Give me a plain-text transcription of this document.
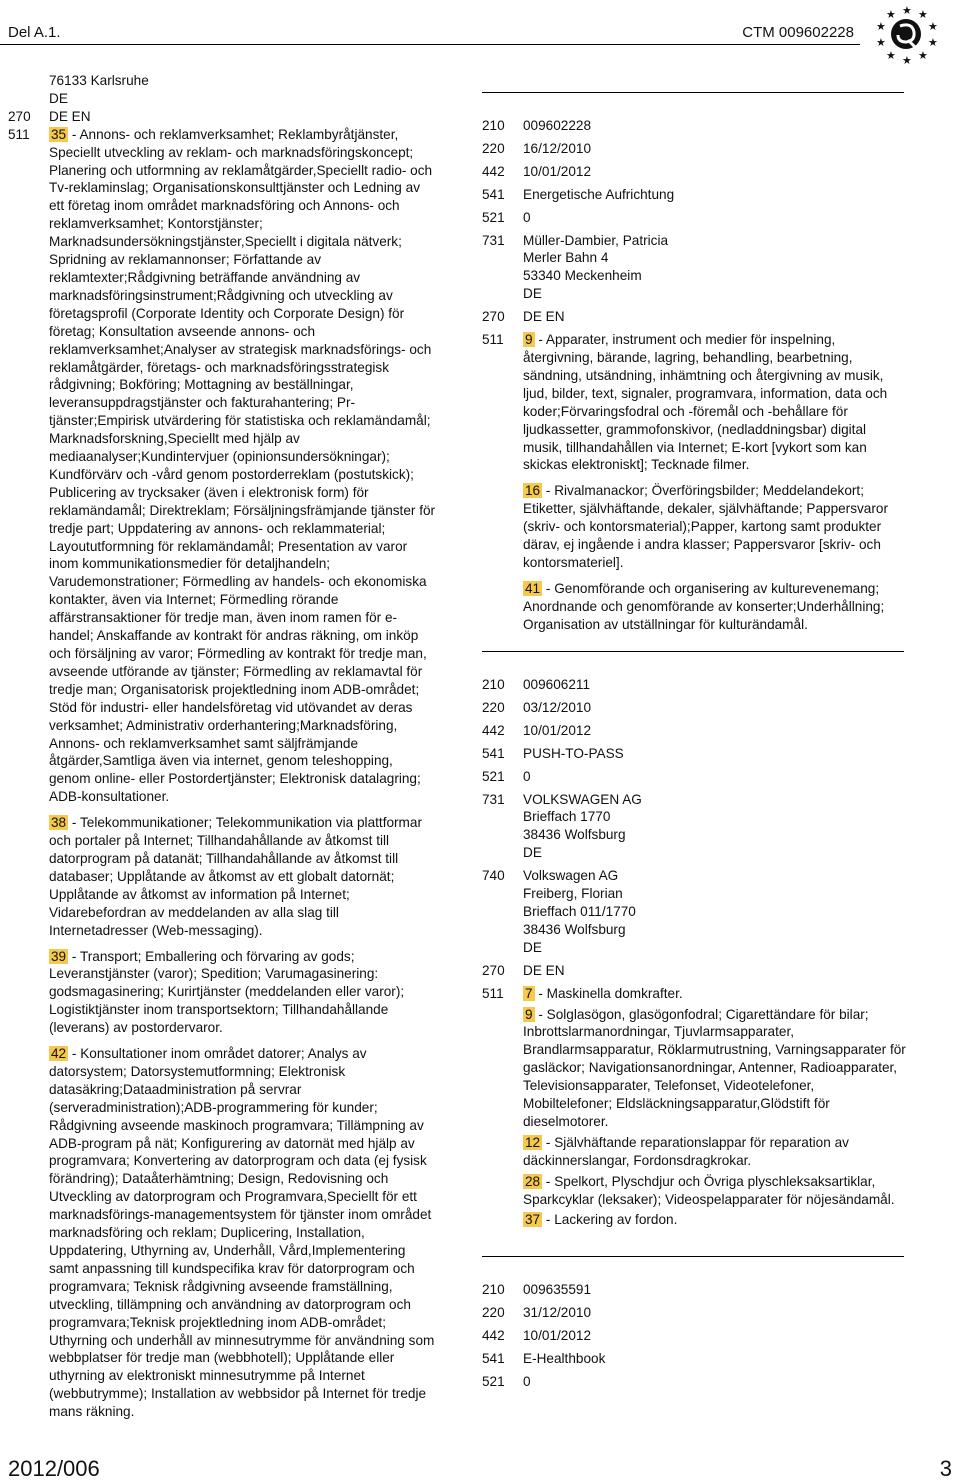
Del A.1.	CTM 009602228
★ ★
★
★
★
★
★
★
★
★
76133 Karlsruhe
DE
270	DE EN
511	35 - Annons- och reklamverksamhet; Reklambyråtjänster, Speciellt utveckling av reklam- och marknadsföringskoncept; Planering och utformning av reklamåtgärder,Speciellt radio- och Tv-reklaminslag; Organisationskonsulttjänster och Ledning av ett företag inom området marknadsföring och Annons- och reklamverksamhet; Kontorstjänster; Marknadsundersökningstjänster,Speciellt i digitala nätverk; Spridning av reklamannonser; Författande av reklamtexter;Rådgivning beträffande användning av marknadsföringsinstrument;Rådgivning och utveckling av företagsprofil (Corporate Identity och Corporate Design) för företag; Konsultation avseende annons- och reklamverksamhet;Analyser av strategisk marknadsförings- och reklamåtgärder, företags- och marknadsföringsstrategisk rådgivning; Bokföring; Mottagning av beställningar, leveransuppdragstjänster och fakturahantering; Pr-tjänster;Empirisk utvärdering för statistiska och reklamändamål; Marknadsforskning,Speciellt med hjälp av mediaanalyser;Kundintervjuer (opinionsundersökningar); Kundförvärv och -vård genom postorderreklam (postutskick); Publicering av trycksaker (även i elektronisk form) för reklamändamål; Direktreklam; Försäljningsfrämjande tjänster för tredje part; Uppdatering av annons- och reklammaterial; Layoututformning för reklamändamål; Presentation av varor inom kommunikationsmedier för detaljhandeln; Varudemonstrationer; Förmedling av handels- och ekonomiska kontakter, även via Internet; Förmedling rörande affärstransaktioner för tredje man, även inom ramen för e-handel; Anskaffande av kontrakt för andras räkning, om inköp och försäljning av varor; Förmedling av kontrakt för tredje man, avseende utförande av tjänster; Förmedling av reklamavtal för tredje man; Organisatorisk projektledning inom ADB-området; Stöd för industri- eller handelsföretag vid utövandet av deras verksamhet; Administrativ orderhantering;Marknadsföring, Annons- och reklamverksamhet samt säljfrämjande åtgärder,Samtliga även via internet, genom teleshopping, genom online- eller Postordertjänster; Elektronisk datalagring; ADB-konsultationer.

38 - Telekommunikationer; Telekommunikation via plattformar och portaler på Internet; Tillhandahållande av åtkomst till datorprogram på datanät; Tillhandahållande av åtkomst till databaser; Upplåtande av åtkomst av ett globalt datornät; Upplåtande av åtkomst av information på Internet; Vidarebefordran av meddelanden av alla slag till Internetadresser (Web-messaging).

39 - Transport; Emballering och förvaring av gods; Leveranstjänster (varor); Spedition; Varumagasinering: godsmagasinering; Kurirtjänster (meddelanden eller varor); Logistiktjänster inom transportsektorn; Tillhandahållande (leverans) av postordervaror.

42 - Konsultationer inom området datorer; Analys av datorsystem; Datorsystemutformning; Elektronisk datasäkring;Dataadministration på servrar (serveradministration);ADB-programmering för kunder; Rådgivning avseende maskinoch programvara; Tillämpning av ADB-program på nät; Konfigurering av datornät med hjälp av programvara; Konvertering av datorprogram och data (ej fysisk förändring); Dataåterhämtning; Design, Redovisning och Utveckling av datorprogram och Programvara,Speciellt för ett marknadsförings-managementsystem för tjänster inom området marknadsföring och reklam; Duplicering, Installation, Uppdatering, Uthyrning av, Underhåll, Vård,Implementering samt anpassning till kundspecifika krav för datorprogram och programvara; Teknisk rådgivning avseende framställning, utveckling, tillämpning och användning av datorprogram och programvara;Teknisk projektledning inom ADB-området; Uthyrning och underhåll av minnesutrymme för användning som webbplatser för tredje man (webbhotell); Upplåtande eller uthyrning av elektroniskt minnesutrymme på Internet (webbutrymme); Installation av webbsidor på Internet för tredje mans räkning.

210	009602228
220	16/12/2010
442	10/01/2012
541	Energetische Aufrichtung
521	0
731	Müller-Dambier, Patricia
Merler Bahn 4
53340 Meckenheim
DE
270	DE EN
511	9 - Apparater, instrument och medier för inspelning, återgivning, bärande, lagring, behandling, bearbetning, sändning, utsändning, inhämtning och återgivning av musik, ljud, bilder, text, signaler, programvara, information, data och koder;Förvaringsfodral och -föremål och -behållare för ljudkassetter, grammofonskivor, (nedladdningsbar) digital musik, tillhandahållen via Internet; E-kort [vykort som kan skickas elektroniskt]; Tecknade filmer.

16 - Rivalmanackor; Överföringsbilder; Meddelandekort; Etiketter, självhäftande, dekaler, självhäftande; Pappersvaror (skriv- och kontorsmaterial);Papper, kartong samt produkter därav, ej ingående i andra klasser; Pappersvaror [skriv- och kontorsmateriel].

41 - Genomförande och organisering av kulturevenemang; Anordnande och genomförande av konserter;Underhållning; Organisation av utställningar för kulturändamål.

210	009606211
220	03/12/2010
442	10/01/2012
541	PUSH-TO-PASS
521	0
731	VOLKSWAGEN AG
Brieffach 1770
38436 Wolfsburg
DE
740	Volkswagen AG
Freiberg, Florian
Brieffach 011/1770
38436 Wolfsburg
DE
270	DE EN
511	7 - Maskinella domkrafter.

9 - Solglasögon, glasögonfodral; Cigarettändare för bilar; Inbrottslarmanordningar, Tjuvlarmsapparater, Brandlarmsapparatur, Röklarmutrustning, Varningsapparater för gasläckor; Navigationsanordningar, Antenner, Radioapparater, Televisionsapparater, Telefonset, Videotelefoner, Mobiltelefoner; Eldsläckningsapparatur,Glödstift för dieselmotorer.

12 - Självhäftande reparationslappar för reparation av däckinnerslangar, Fordonsdragkrokar.

28 - Spelkort, Plyschdjur och Övriga plyschleksaksartiklar, Sparkcyklar (leksaker); Videospelapparater för nöjesändamål.

37 - Lackering av fordon.

210	009635591
220	31/12/2010
442	10/01/2012
541	E-Healthbook
521	0
2012/006	3
